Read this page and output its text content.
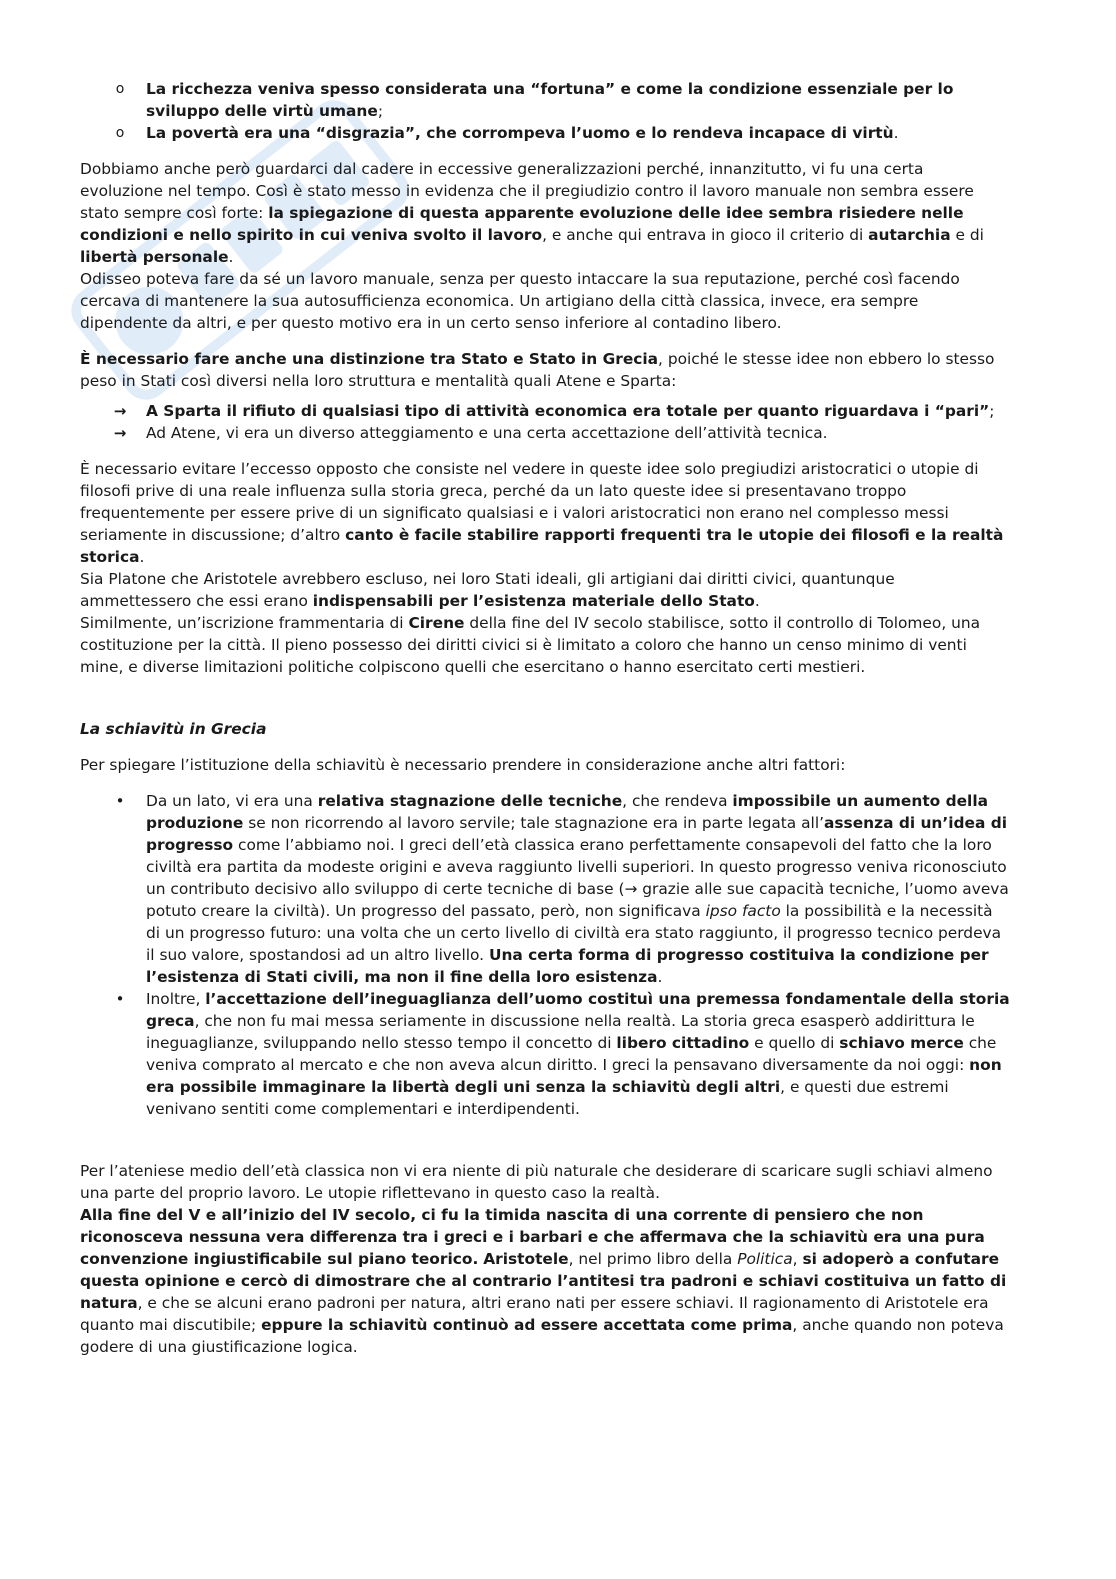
o	La ricchezza veniva spesso considerata una “fortuna” e come la condizione essenziale per lo sviluppo delle virtù umane;
o	La povertà era una “disgrazia”, che corrompeva l’uomo e lo rendeva incapace di virtù.

Dobbiamo anche però guardarci dal cadere in eccessive generalizzazioni perché, innanzitutto, vi fu una certa evoluzione nel tempo. Così è stato messo in evidenza che il pregiudizio contro il lavoro manuale non sembra essere stato sempre così forte: la spiegazione di questa apparente evoluzione delle idee sembra risiedere nelle condizioni e nello spirito in cui veniva svolto il lavoro, e anche qui entrava in gioco il criterio di autarchia e di libertà personale.

Odisseo poteva fare da sé un lavoro manuale, senza per questo intaccare la sua reputazione, perché così facendo cercava di mantenere la sua autosufficienza economica. Un artigiano della città classica, invece, era sempre dipendente da altri, e per questo motivo era in un certo senso inferiore al contadino libero.

È necessario fare anche una distinzione tra Stato e Stato in Grecia, poiché le stesse idee non ebbero lo stesso peso in Stati così diversi nella loro struttura e mentalità quali Atene e Sparta:

→ A Sparta il rifiuto di qualsiasi tipo di attività economica era totale per quanto riguardava i “pari”;
→ Ad Atene, vi era un diverso atteggiamento e una certa accettazione dell’attività tecnica.

È necessario evitare l’eccesso opposto che consiste nel vedere in queste idee solo pregiudizi aristocratici o utopie di filosofi prive di una reale influenza sulla storia greca, perché da un lato queste idee si presentavano troppo frequentemente per essere prive di un significato qualsiasi e i valori aristocratici non erano nel complesso messi seriamente in discussione; d’altro canto è facile stabilire rapporti frequenti tra le utopie dei filosofi e la realtà storica.

Sia Platone che Aristotele avrebbero escluso, nei loro Stati ideali, gli artigiani dai diritti civici, quantunque ammettessero che essi erano indispensabili per l’esistenza materiale dello Stato.

Similmente, un’iscrizione frammentaria di Cirene della fine del IV secolo stabilisce, sotto il controllo di Tolomeo, una costituzione per la città. Il pieno possesso dei diritti civici si è limitato a coloro che hanno un censo minimo di venti mine, e diverse limitazioni politiche colpiscono quelli che esercitano o hanno esercitato certi mestieri.

La schiavitù in Grecia

Per spiegare l’istituzione della schiavitù è necessario prendere in considerazione anche altri fattori:

•	Da un lato, vi era una relativa stagnazione delle tecniche, che rendeva impossibile un aumento della produzione se non ricorrendo al lavoro servile; tale stagnazione era in parte legata all’assenza di un’idea di progresso come l’abbiamo noi. I greci dell’età classica erano perfettamente consapevoli del fatto che la loro civiltà era partita da modeste origini e aveva raggiunto livelli superiori. In questo progresso veniva riconosciuto un contributo decisivo allo sviluppo di certe tecniche di base (→ grazie alle sue capacità tecniche, l’uomo aveva potuto creare la civiltà). Un progresso del passato, però, non significava ipso facto la possibilità e la necessità di un progresso futuro: una volta che un certo livello di civiltà era stato raggiunto, il progresso tecnico perdeva il suo valore, spostandosi ad un altro livello. Una certa forma di progresso costituiva la condizione per l’esistenza di Stati civili, ma non il fine della loro esistenza.
•	Inoltre, l’accettazione dell’ineguaglianza dell’uomo costituì una premessa fondamentale della storia greca, che non fu mai messa seriamente in discussione nella realtà. La storia greca esasperò addirittura le ineguaglianze, sviluppando nello stesso tempo il concetto di libero cittadino e quello di schiavo merce che veniva comprato al mercato e che non aveva alcun diritto. I greci la pensavano diversamente da noi oggi: non era possibile immaginare la libertà degli uni senza la schiavitù degli altri, e questi due estremi venivano sentiti come complementari e interdipendenti.

Per l’ateniese medio dell’età classica non vi era niente di più naturale che desiderare di scaricare sugli schiavi almeno una parte del proprio lavoro. Le utopie riflettevano in questo caso la realtà.

Alla fine del V e all’inizio del IV secolo, ci fu la timida nascita di una corrente di pensiero che non riconosceva nessuna vera differenza tra i greci e i barbari e che affermava che la schiavitù era una pura convenzione ingiustificabile sul piano teorico. Aristotele, nel primo libro della Politica, si adoperò a confutare questa opinione e cercò di dimostrare che al contrario l’antitesi tra padroni e schiavi costituiva un fatto di natura, e che se alcuni erano padroni per natura, altri erano nati per essere schiavi. Il ragionamento di Aristotele era quanto mai discutibile; eppure la schiavitù continuò ad essere accettata come prima, anche quando non poteva godere di una giustificazione logica.
